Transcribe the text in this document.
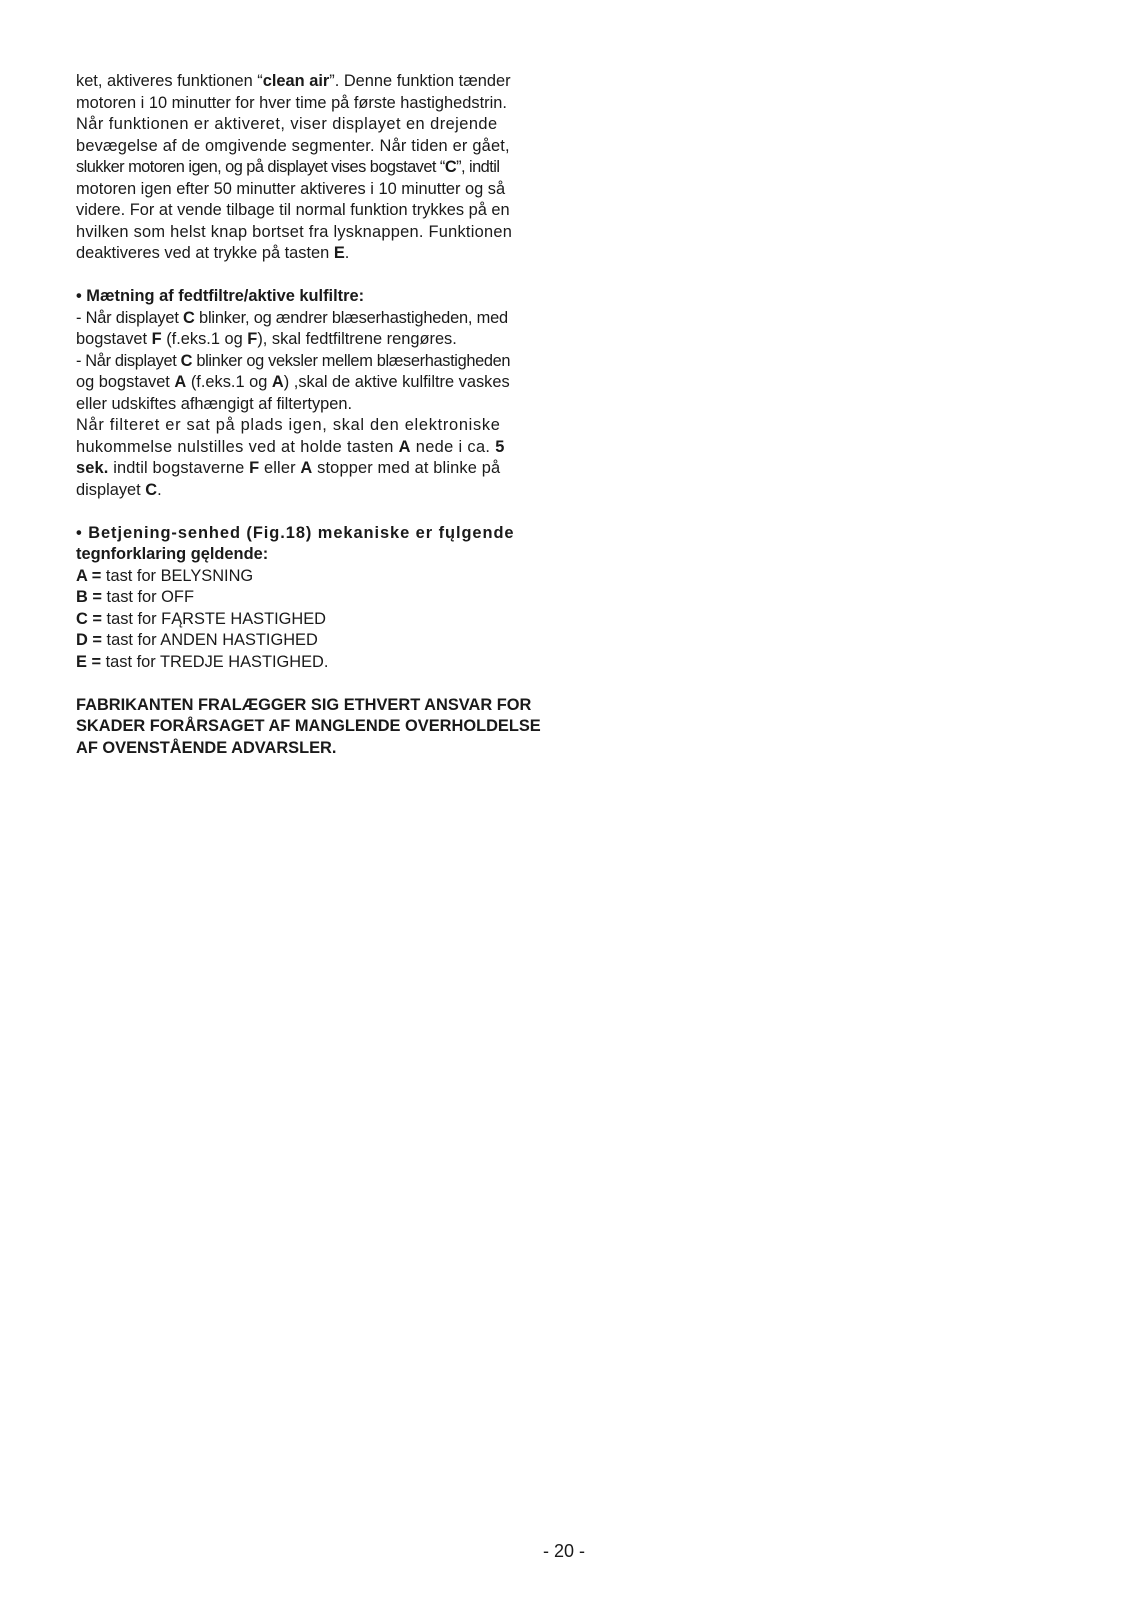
ket, aktiveres funktionen “clean air”. Denne funktion tænder
motoren i 10 minutter for hver time på første hastighedstrin.
Når funktionen er aktiveret, viser displayet en drejende
bevægelse af de omgivende segmenter. Når tiden er gået,
slukker motoren igen, og på displayet vises bogstavet “C”, indtil
motoren igen efter 50 minutter aktiveres i 10 minutter og så
videre. For at vende tilbage til normal funktion trykkes på en
hvilken som helst knap bortset fra lysknappen. Funktionen
deaktiveres ved at trykke på tasten E.
• Mætning af fedtfiltre/aktive kulfiltre:
- Når displayet C blinker, og ændrer blæserhastigheden, med
bogstavet F (f.eks.1 og F), skal fedtfiltrene rengøres.
- Når displayet C blinker og veksler mellem blæserhastigheden
og bogstavet A (f.eks.1 og A) ,skal de aktive kulfiltre vaskes
eller udskiftes afhængigt af filtertypen.
Når filteret er sat på plads igen, skal den elektroniske
hukommelse nulstilles ved at holde tasten A nede i ca. 5
sek. indtil bogstaverne F eller A stopper med at blinke på
displayet C.
• Betjening-senhed (Fig.18) mekaniske er fųlgende
tegnforklaring gęldende:
A = tast for BELYSNING
B = tast for OFF
C = tast for FĄRSTE HASTIGHED
D = tast for ANDEN HASTIGHED
E = tast for TREDJE HASTIGHED.
FABRIKANTEN FRALÆGGER SIG ETHVERT ANSVAR FOR
SKADER FORÅRSAGET AF MANGLENDE OVERHOLDELSE
AF OVENSTÅENDE ADVARSLER.
- 20 -
